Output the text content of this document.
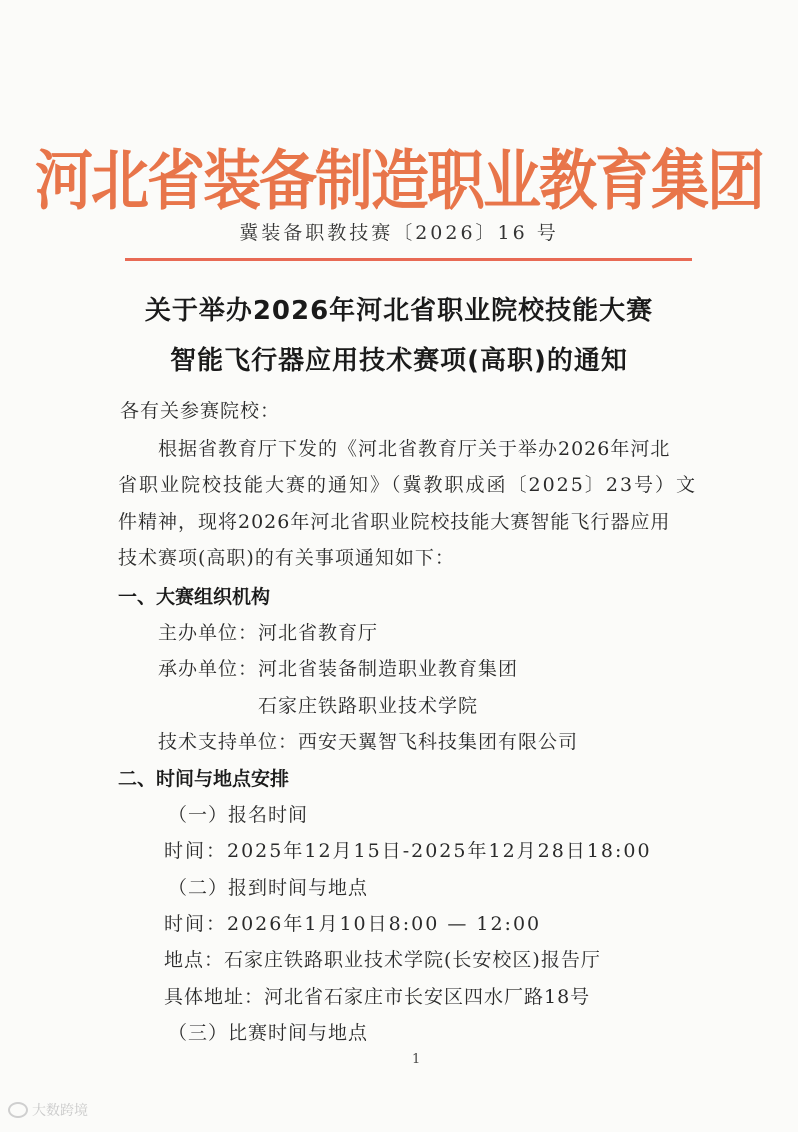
河北省装备制造职业教育集团
冀装备职教技赛〔2026〕16 号
关于举办2026年河北省职业院校技能大赛
智能飞行器应用技术赛项(高职)的通知
各有关参赛院校：
根据省教育厅下发的《河北省教育厅关于举办2026年河北
省职业院校技能大赛的通知》（冀教职成函〔2025〕23号）文
件精神，现将2026年河北省职业院校技能大赛智能飞行器应用
技术赛项(高职)的有关事项通知如下：
一、大赛组织机构
主办单位：河北省教育厅
承办单位：河北省装备制造职业教育集团
石家庄铁路职业技术学院
技术支持单位：西安天翼智飞科技集团有限公司
二、时间与地点安排
（一）报名时间
时间：2025年12月15日-2025年12月28日18:00
（二）报到时间与地点
时间：2026年1月10日8:00 — 12:00
地点：石家庄铁路职业技术学院(长安校区)报告厅
具体地址：河北省石家庄市长安区四水厂路18号
（三）比赛时间与地点
1
大数跨境
